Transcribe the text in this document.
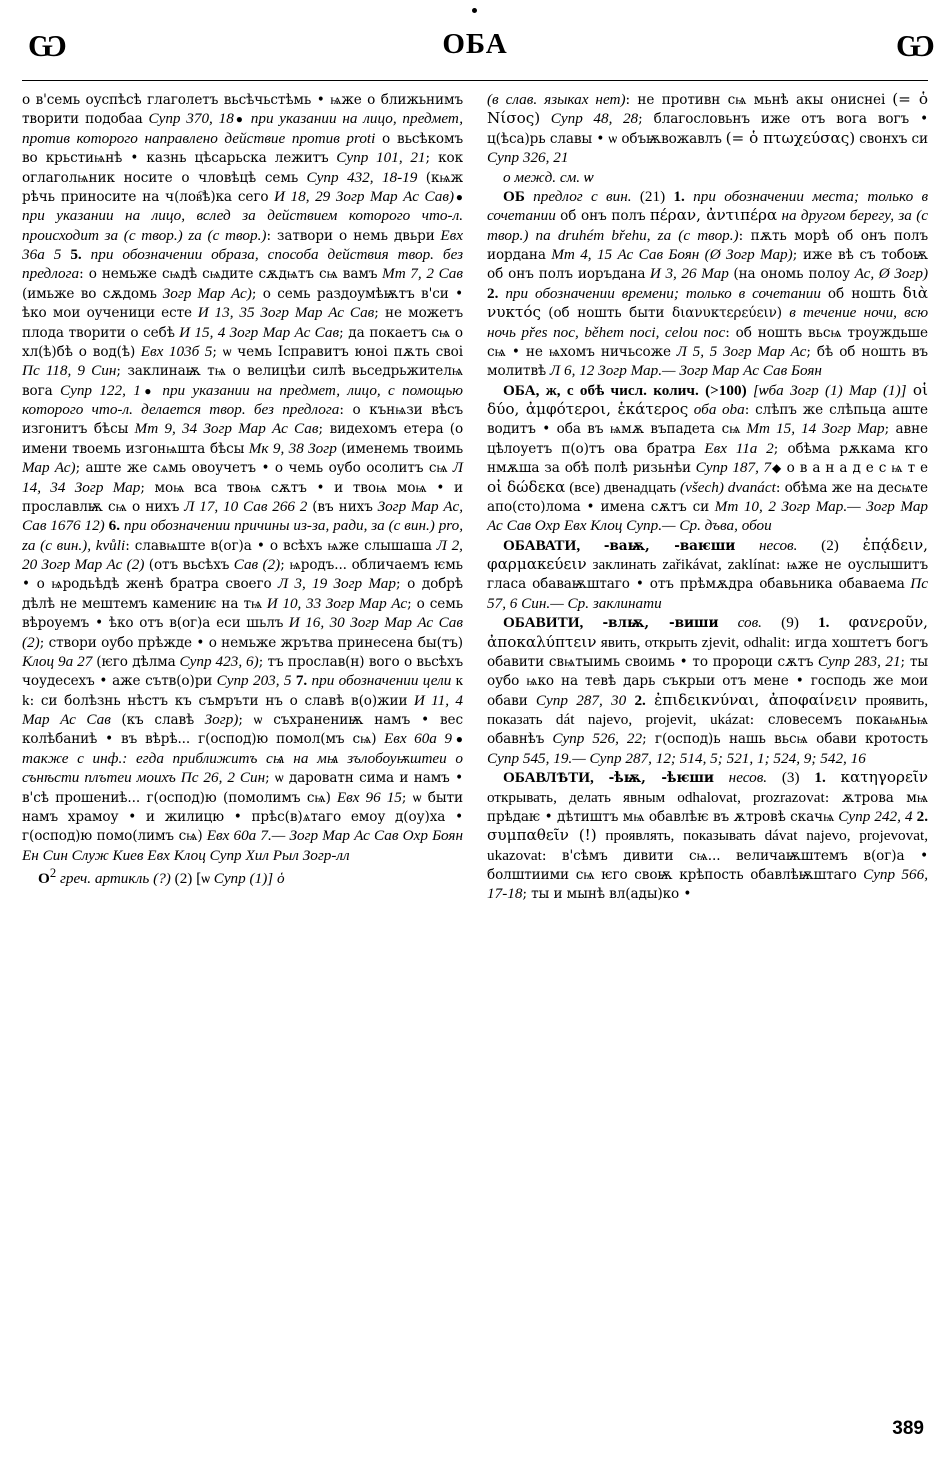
Ѡ	ОБА	Ѡ

о в'семь оуспѣсѣ глаголетъ вьсѣчьстѣмь • ѩже о ближьнимъ творити подобаа Супр 370, 18● при указании на лицо, предмет, против которого направлено действие против proti о вьсѣкомъ во крьстиѩнѣ • казнь цѣсарьска лежитъ Супр 101, 21; кок оглаголѩник носите о чловѣцѣ семь Супр 432, 18-19 (кѩж рѣчь приносите на ч(лов҇ѣ)ка сего И 18, 29 Зогр Мар Ас Сав)● при указании на лицо, вслед за действием которого что-л. происходит за (с твор.) za (с твор.): затвори о немь двьри Евх 36а 5 5. при обозначении образа, способа действия твор. без предлога: о немьже сѩдѣ сѩдите сѫдѩтъ сѩ вамъ Мт 7, 2 Сав (имьже во сѫдомь Зогр Мар Ас); о семь раздоумѣѭтъ в'си • ѣко мои оученици есте И 13, 35 Зогр Мар Ас Сав; не можетъ плода творити о себѣ И 15, 4 Зогр Мар Ас Сав; да покаетъ сѩ о хл(ѣ)бѣ о вод(ѣ) Евх 103б 5; ѡ чемь Ісправитъ юноі пѫть своі Пс 118, 9 Син; заклинаѭ тѩ о велицѣи силѣ вьседрьжителѩ вога Супр 122, 1● при указании на предмет, лицо, с помощью которого что-л. делается твор. без предлога: о кънѩзи вѣсъ изгонитъ бѣсы Мт 9, 34 Зогр Мар Ас Сав; видехомъ етера (о имени твоемь изгонѩшта бѣсы Мк 9, 38 Зогр (именемь твоимь Мар Ас); аште же сѧмь овоучетъ • о чемь оубо осолитъ сѩ Л 14, 34 Зогр Мар; моѩ вса твоѩ сѫтъ • и твоѩ моѩ • и прославлѭ сѩ о нихъ Л 17, 10 Сав 266 2 (въ нихъ Зогр Мар Ас, Сав 1676 12) 6. при обозначении причины из-за, ради, за (с вин.) pro, za (с вин.), kvůli: славѩште в(ог)а • о всѣхъ ѩже слышаша Л 2, 20 Зогр Мар Ас (2) (отъ вьсѣхъ Сав (2); ѩродъ... обличаемъ ѥмь • о ѩродьѣдѣ женѣ братра своего Л 3, 19 Зогр Мар; о добрѣ дѣлѣ не мештемъ камениѥ на тѩ И 10, 33 Зогр Мар Ас; о семь вѣроуемъ • ѣко отъ в(ог)а еси шьлъ И 16, 30 Зогр Мар Ас Сав (2); створи оубо прѣжде • о немьже жрътва принесена бы(тъ) Клоц 9а 27 (ѥго дѣлма Супр 423, 6); тъ прослав(н) вого о вьсѣхъ чоудесехъ • аже сътв(о)ри Супр 203, 5 7. при обозначении цели к k: си болѣзнь нѣстъ къ съмръти нъ о славѣ в(о)жии И 11, 4 Мар Ас Сав (къ славѣ Зогр); ѡ съхранениѭ намъ • вес колѣбаниѣ • въ вѣрѣ... г(оспод)ю помол(мъ сѩ) Евх 60а 9● также с инф.: егда приближитъ сѩ на мѩ зълобоуѭштеи о сънѣсти плътеи моихъ Пс 26, 2 Син; ѡ дароватн сима и намъ • в'сѣ прошениѣ... г(оспод)ю (помолимъ сѩ) Евх 96 15; ѡ быти намъ храмоу • и жилицю • прѣс(в)ѧтаго емоу д(оу)ха • г(оспод)ю помо(лимъ сѩ) Евх 60а 7.— Зогр Мар Ас Сав Охр Боян Ен Син Служ Киев Евх Клоц Супр Хил Рыл Зогр-лл

$О^2$ греч. артикль (?) (2) [ѡ Супр (1)] ὁ

(в слав. языках нет): не противн сѩ мьнѣ акы ониснеі (= ὁ Νίσος) Супр 48, 28; благословьнъ иже отъ вога вогъ • ц(ѣса)рь славы • ѡ объѭвожавлъ (= ὁ πτωχεύσας) свонхъ си Супр 326, 21

о межд. см. ѡ

ОБ предлог с вин. (21) 1. при обозначении места; только в сочетании об онъ полъ πέραν, ἀντιπέρα на другом берегу, за (с твор.) na druhém břehu, za (с твор.): пѫть морѣ об онъ полъ иордана Мт 4, 15 Ас Сав Боян (Ø Зогр Мар); иже вѣ съ тобоѭ об онъ полъ иоръдана И 3, 26 Мар (на ономь полоу Ас, Ø Зогр) 2. при обозначении времени; только в сочетании об ношть διὰ νυκτός (об ношть быти διανυκτερεύειν) в течение ночи, всю ночь přes noc, během noci, celou noc: об ношть вьсѩ троуждьше сѩ • не ѩхомъ ничьсоже Л 5, 5 Зогр Мар Ас; бѣ об ношть въ молитвѣ Л 6, 12 Зогр Мар.— Зогр Мар Ас Сав Боян

ОБА, ж, с обѣ числ. колич. (>100) [ѡба Зогр (1) Мар (1)] οἱ δύο, ἀμφότεροι, ἑκάτερος оба oba: слѣпъ же слѣпьца аште водитъ • оба въ ѩмѫ въпадета сѩ Мт 15, 14 Зогр Мар; авне цѣлоуетъ п(о)тъ ова братра Евх 11а 2; обѣма рѫкама кго нмѫша за обѣ полѣ ризьнѣи Супр 187, 7◆ о в а н а д е с ѩ т е οἱ δώδεκα (все) двенадцать (všech) dvanáct: обѣма же на десѩте апо(сто)лома • имена сѫтъ си Мт 10, 2 Зогр Мар.— Зогр Мар Ас Сав Охр Евх Клоц Супр.— Ср. дъва, обои

ОБАВАТИ, -ваѭ, -ваѥши несов. (2) ἐπᾴδειν, φαρμακεύειν заклинать zařikávat, zaklínat: ѩже не оуслышитъ гласа обаваѭштаго • отъ прѣмѫдра обавьника обаваема Пс 57, 6 Син.— Ср. заклинати

ОБАВИТИ, -влѭ, -виши сов. (9) 1. φανεροῦν, ἀποκαλύπτειν явить, открыть zjevit, odhalit: игда хоштетъ богъ обавити свѩтыимь своимь • то пророци сѫтъ Супр 283, 21; ты оубо ѩко на тевѣ дарь съкрыи отъ мене • господь же мои обави Супр 287, 30 2. ἐπιδεικνύναι, ἀποφαίνειν проявить, показать dát najevo, projevit, ukázat: словесемъ покаѩньѩ обавнѣъ Супр 526, 22; г(оспод)ь нашь вьсѩ обави кротость Супр 545, 19.— Супр 287, 12; 514, 5; 521, 1; 524, 9; 542, 16

ОБАВЛѢТИ, -ѣѭ, -ѣѥши несов. (3) 1. κατηγορεῖν открывать, делать явным odhalovat, prozrazovat: ѫтрова мѩ прѣдаѥ • дѣтиштъ мѩ обавлѣѥ въ ѫтровѣ скачѩ Супр 242, 4 2. συμπαθεῖν (!) проявлять, показывать dávat najevo, projevovat, ukazovat: в'сѣмъ дивити сѩ... величаѭштемъ в(ог)а • болштиими сѩ ѥго своѭ крѣпость обавлѣѭштаго Супр 566, 17-18; ты и мынѣ вл(ады)ко •

389
